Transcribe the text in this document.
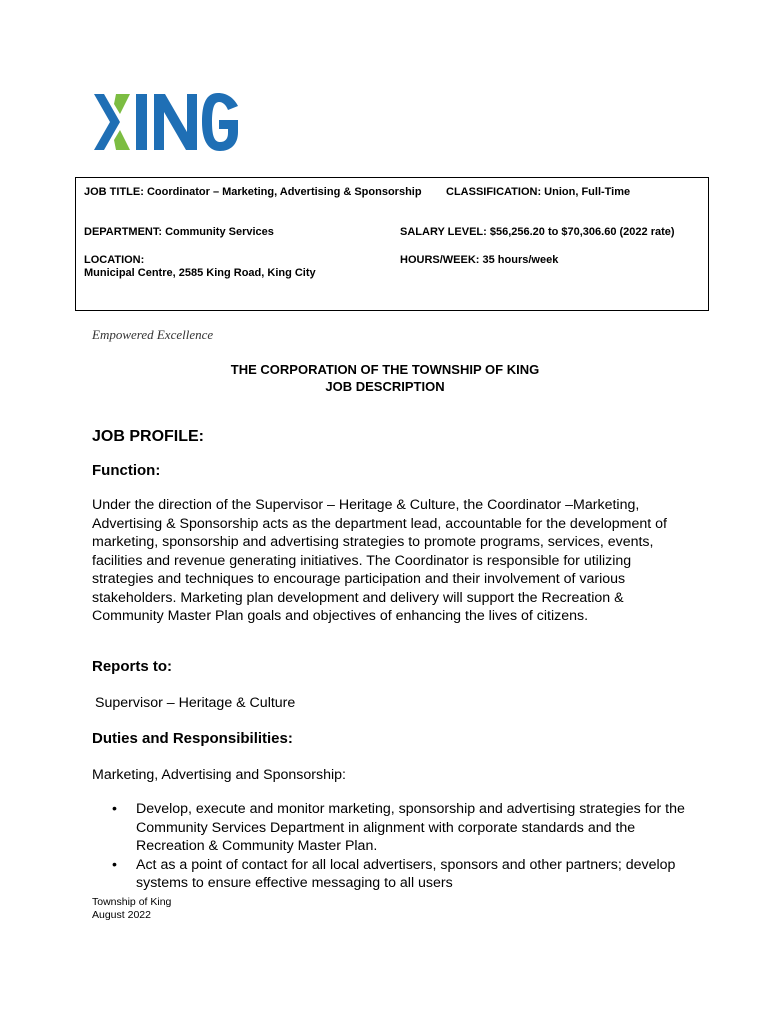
JOB TITLE: Coordinator – Marketing, Advertising & Sponsorship CLASSIFICATION: Union, Full-Time
DEPARTMENT: Community Services	SALARY LEVEL: $56,256.20 to $70,306.60 (2022 rate)
LOCATION:
Municipal Centre, 2585 King Road, King City
HOURS/WEEK: 35 hours/week
Empowered Excellence
THE CORPORATION OF THE TOWNSHIP OF KING
JOB DESCRIPTION
JOB PROFILE:
Function:
Under the direction of the Supervisor – Heritage & Culture, the Coordinator –Marketing, Advertising & Sponsorship acts as the department lead, accountable for the development of marketing, sponsorship and advertising strategies to promote programs, services, events, facilities and revenue generating initiatives. The Coordinator is responsible for utilizing strategies and techniques to encourage participation and their involvement of various stakeholders. Marketing plan development and delivery will support the Recreation & Community Master Plan goals and objectives of enhancing the lives of citizens.
Reports to:
Supervisor – Heritage & Culture
Duties and Responsibilities:
Marketing, Advertising and Sponsorship:
• Develop, execute and monitor marketing, sponsorship and advertising strategies for the Community Services Department in alignment with corporate standards and the Recreation & Community Master Plan.
• Act as a point of contact for all local advertisers, sponsors and other partners; develop systems to ensure effective messaging to all users
Township of King
August 2022
